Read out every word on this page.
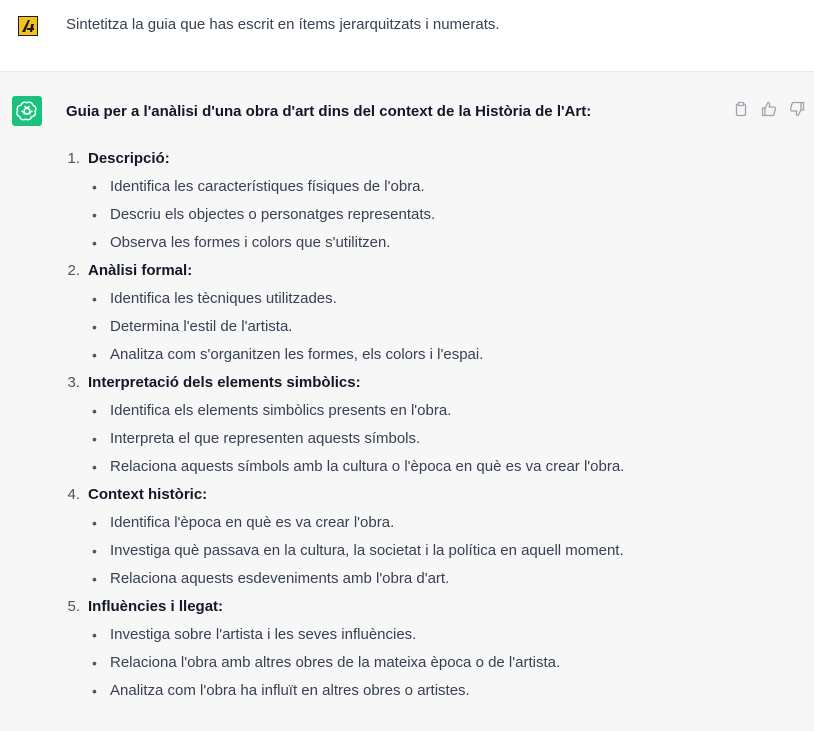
Sintetitza la guia que has escrit en ítems jerarquitzats i numerats.
Guia per a l'anàlisi d'una obra d'art dins del context de la Història de l'Art:
1. Descripció:
• Identifica les característiques físiques de l'obra.
• Descriu els objectes o personatges representats.
• Observa les formes i colors que s'utilitzen.
2. Anàlisi formal:
• Identifica les tècniques utilitzades.
• Determina l'estil de l'artista.
• Analitza com s'organitzen les formes, els colors i l'espai.
3. Interpretació dels elements simbòlics:
• Identifica els elements simbòlics presents en l'obra.
• Interpreta el que representen aquests símbols.
• Relaciona aquests símbols amb la cultura o l'època en què es va crear l'obra.
4. Context històric:
• Identifica l'època en què es va crear l'obra.
• Investiga què passava en la cultura, la societat i la política en aquell moment.
• Relaciona aquests esdeveniments amb l'obra d'art.
5. Influències i llegat:
• Investiga sobre l'artista i les seves influències.
• Relaciona l'obra amb altres obres de la mateixa època o de l'artista.
• Analitza com l'obra ha influït en altres obres o artistes.
